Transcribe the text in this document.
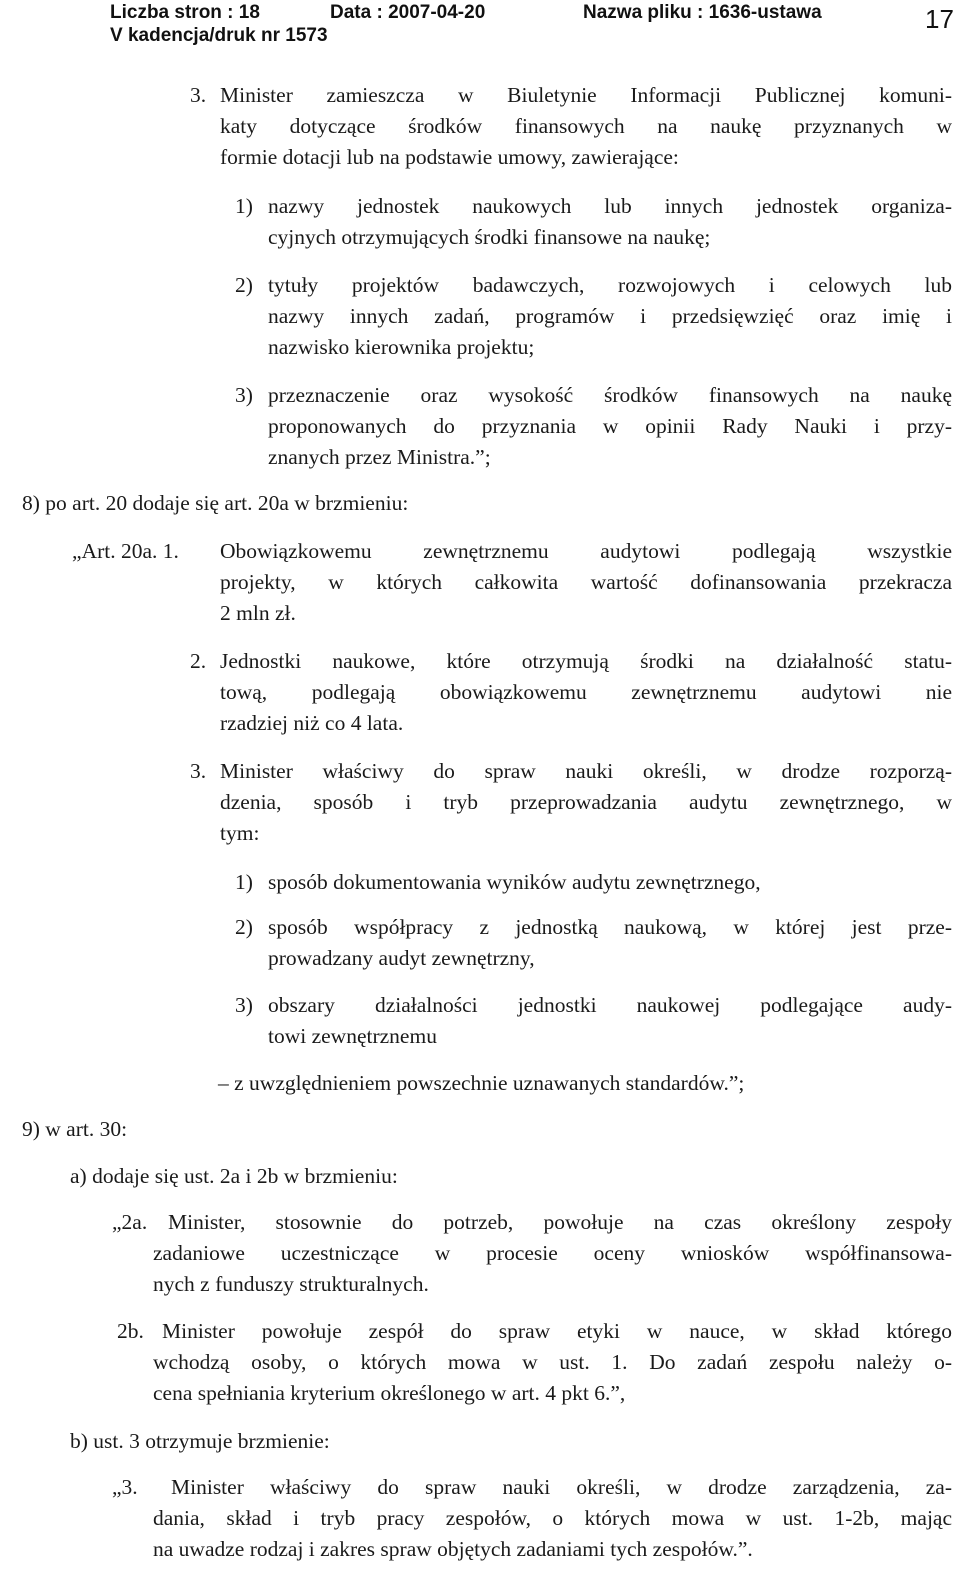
Liczba stron : 18	Data : 2007-04-20	Nazwa pliku : 1636-ustawa
V kadencja/druk nr 1573
17
3. Minister zamieszcza w Biuletynie Informacji Publicznej komuni-
katy dotyczące środków finansowych na naukę przyznanych w
formie dotacji lub na podstawie umowy, zawierające:
1) nazwy jednostek naukowych lub innych jednostek organiza-
cyjnych otrzymujących środki finansowe na naukę;
2) tytuły projektów badawczych, rozwojowych i celowych lub
nazwy innych zadań, programów i przedsięwzięć oraz imię i
nazwisko kierownika projektu;
3) przeznaczenie oraz wysokość środków finansowych na naukę
proponowanych do przyznania w opinii Rady Nauki i przy-
znanych przez Ministra.”;
8) po art. 20 dodaje się art. 20a w brzmieniu:
„Art. 20a. 1. Obowiązkowemu zewnętrznemu audytowi podlegają wszystkie
projekty, w których całkowita wartość dofinansowania przekracza
2 mln zł.
2. Jednostki naukowe, które otrzymują środki na działalność statu-
tową, podlegają obowiązkowemu zewnętrznemu audytowi nie
rzadziej niż co 4 lata.
3. Minister właściwy do spraw nauki określi, w drodze rozporzą-
dzenia, sposób i tryb przeprowadzania audytu zewnętrznego, w
tym:
1) sposób dokumentowania wyników audytu zewnętrznego,
2) sposób współpracy z jednostką naukową, w której jest prze-
prowadzany audyt zewnętrzny,
3) obszary działalności jednostki naukowej podlegające audy-
towi zewnętrznemu
– z uwzględnieniem powszechnie uznawanych standardów.”;
9) w art. 30:
a) dodaje się ust. 2a i 2b w brzmieniu:
„2a. Minister, stosownie do potrzeb, powołuje na czas określony zespoły
zadaniowe uczestniczące w procesie oceny wniosków współfinansowa-
nych z funduszy strukturalnych.
2b. Minister powołuje zespół do spraw etyki w nauce, w skład którego
wchodzą osoby, o których mowa w ust. 1. Do zadań zespołu należy o-
cena spełniania kryterium określonego w art. 4 pkt 6.”,
b) ust. 3 otrzymuje brzmienie:
„3. Minister właściwy do spraw nauki określi, w drodze zarządzenia, za-
dania, skład i tryb pracy zespołów, o których mowa w ust. 1-2b, mając
na uwadze rodzaj i zakres spraw objętych zadaniami tych zespołów.”.
